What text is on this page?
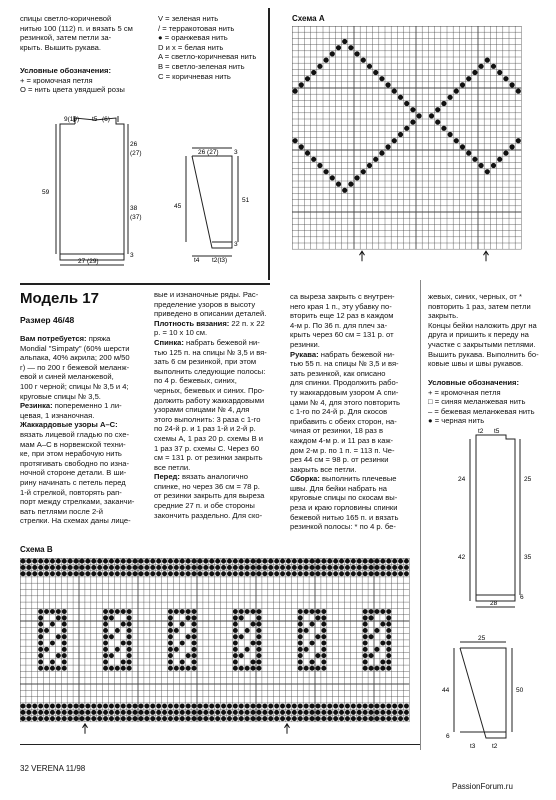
спицы светло-коричневой

нитью 100 (112) п. и вязать 5 см

резинкой, затем петли за-

крыть. Вышить рукава.

Условные обозначения:

+ = кромочная петля

O = нить цвета увядшей розы

V = зеленая нить

/ = терракотовая нить

● = оранжевая нить

D и x = белая нить

A = светло-коричневая нить

B = светло-зеленая нить

C = коричневая нить

9(10) t5 (6)
26
(27)
59
38
(37)
3
27 (29)
26 (27) 3
45
51
3
t4 t2(t3)
Схема А
Модель 17
Размер 46/48

Вам потребуется: пряжа

Mondial "Simpaty" (60% шерсти

альпака, 40% акрила; 200 м/50

г) — по 200 г бежевой меланж-

евой и синей меланжевой,

100 г черной; спицы № 3,5 и 4;

круговые спицы № 3,5.

Резинка: попеременно 1 ли-

цевая, 1 изнаночная.

Жаккардовые узоры А–С:

вязать лицевой гладью по схе-

мам А–С в норвежской техни-

ке, при этом нерабочую нить

протягивать свободно по изна-

ночной стороне детали. В ши-

рину начинать с петель перед

1-й стрелкой, повторять рап-

порт между стрелками, заканчи-

вать петлями после 2-й

стрелки. На схемах даны лице-

вые и изнаночные ряды. Рас-

пределение узоров в высоту

приведено в описании деталей.

Плотность вязания: 22 п. x 22

р. = 10 x 10 см.

Спинка: набрать бежевой ни-

тью 125 п. на спицы № 3,5 и вя-

зать 6 см резинкой, при этом

выполнить следующие полосы:

по 4 р. бежевых, синих,

черных, бежевых и синих. Про-

должить работу жаккардовыми

узорами спицами № 4, для

этого выполнить: 3 раза с 1-го

по 24-й р. и 1 раз 1-й и 2-й р.

схемы А, 1 раз 20 р. схемы В и

1 раз 37 р. схемы С. Через 60

см = 131 р. от резинки закрыть

все петли.

Перед: вязать аналогично

спинке, но через 36 см = 78 р.

от резинки закрыть для выреза

средние 27 п. и обе стороны

закончить раздельно. Для ско-

са выреза закрыть с внутрен-

него края 1 п., эту убавку по-

вторить еще 12 раз в каждом

4-м р. По 36 п. для плеч за-

крыть через 60 см = 131 р. от

резинки.

Рукава: набрать бежевой ни-

тью 55 п. на спицы № 3,5 и вя-

зать резинкой, как описано

для спинки. Продолжить рабо-

ту жаккардовым узором А спи-

цами № 4, для этого повторить

с 1-го по 24-й р. Для скосов

прибавить с обеих сторон, на-

чиная от резинки, 18 раз в

каждом 4-м р. и 11 раз в каж-

дом 2-м р. по 1 п. = 113 п. Че-

рез 44 см = 98 р. от резинки

закрыть все петли.

Сборка: выполнить плечевые

швы. Для бейки набрать на

круговые спицы по скосам вы-

реза и краю горловины спинки

бежевой нитью 165 п. и вязать

резинкой полосы: * по 4 р. бе-

жевых, синих, черных, от *

повторить 1 раз, затем петли

закрыть.

Концы бейки наложить друг на

друга и пришить к переду на

участке с закрытыми петлями.

Вышить рукава. Выполнить бо-

ковые швы и швы рукавов.

Условные обозначения:

+ = кромочная петля

□ = синяя меланжевая нить

– = бежевая меланжевая нить

● = черная нить

t2 t5
24	25
42	35
6
28
25
44	50
6
t3	t2
Схема В
32 VERENA 11/98
PassionForum.ru
